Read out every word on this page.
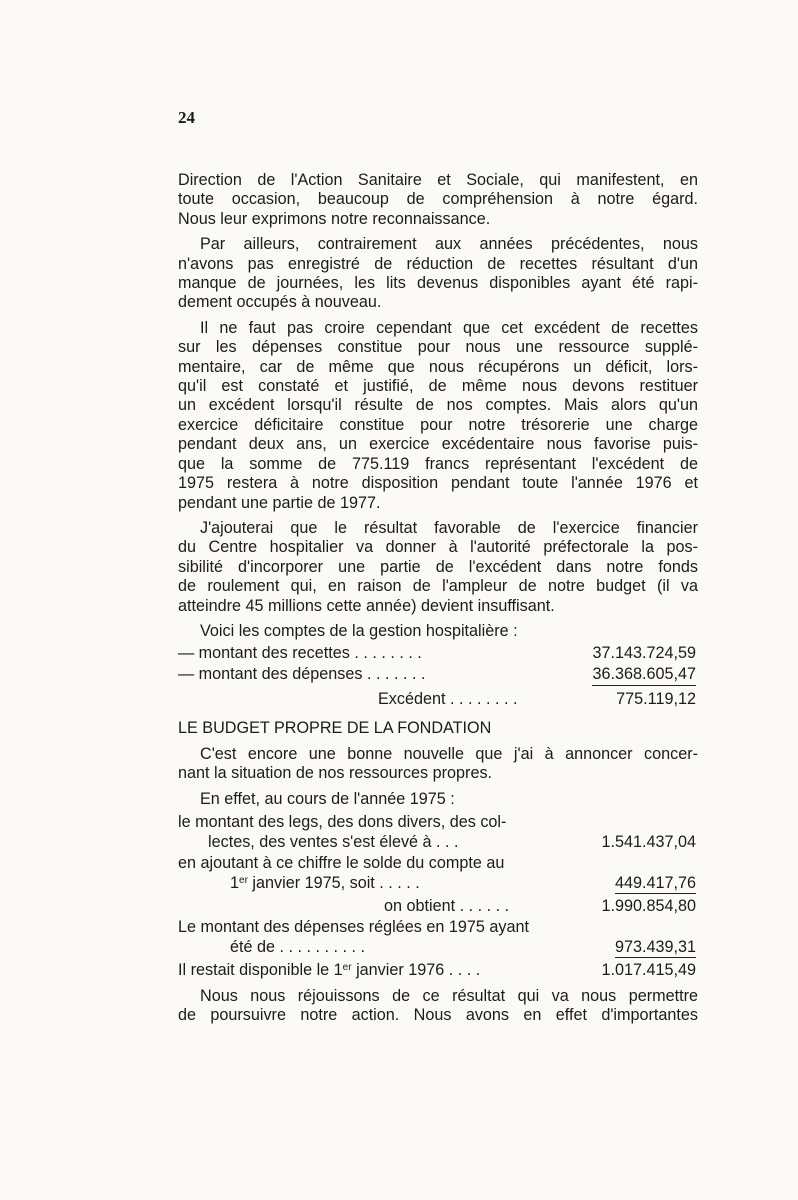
24
Direction de l'Action Sanitaire et Sociale, qui manifestent, en
toute occasion, beaucoup de compréhension à notre égard.
Nous leur exprimons notre reconnaissance.
Par ailleurs, contrairement aux années précédentes, nous
n'avons pas enregistré de réduction de recettes résultant d'un
manque de journées, les lits devenus disponibles ayant été rapi-
dement occupés à nouveau.
Il ne faut pas croire cependant que cet excédent de recettes
sur les dépenses constitue pour nous une ressource supplé-
mentaire, car de même que nous récupérons un déficit, lors-
qu'il est constaté et justifié, de même nous devons restituer
un excédent lorsqu'il résulte de nos comptes. Mais alors qu'un
exercice déficitaire constitue pour notre trésorerie une charge
pendant deux ans, un exercice excédentaire nous favorise puis-
que la somme de 775.119 francs représentant l'excédent de
1975 restera à notre disposition pendant toute l'année 1976 et
pendant une partie de 1977.
J'ajouterai que le résultat favorable de l'exercice financier
du Centre hospitalier va donner à l'autorité préfectorale la pos-
sibilité d'incorporer une partie de l'excédent dans notre fonds
de roulement qui, en raison de l'ampleur de notre budget (il va
atteindre 45 millions cette année) devient insuffisant.
Voici les comptes de la gestion hospitalière :
— montant des recettes . . . . . . . .	37.143.724,59
— montant des dépenses . . . . . . .	36.368.605,47
Excédent . . . . . . . .	775.119,12
LE BUDGET PROPRE DE LA FONDATION
C'est encore une bonne nouvelle que j'ai à annoncer concer-
nant la situation de nos ressources propres.
En effet, au cours de l'année 1975 :
le montant des legs, des dons divers, des col-
lectes, des ventes s'est élevé à . . .	1.541.437,04
en ajoutant à ce chiffre le solde du compte au
1er janvier 1975, soit . . . . .	449.417,76
on obtient . . . . . .	1.990.854,80
Le montant des dépenses réglées en 1975 ayant
été de . . . . . . . . . .	973.439,31
Il restait disponible le 1er janvier 1976 . . . .	1.017.415,49
Nous nous réjouissons de ce résultat qui va nous permettre
de poursuivre notre action. Nous avons en effet d'importantes
